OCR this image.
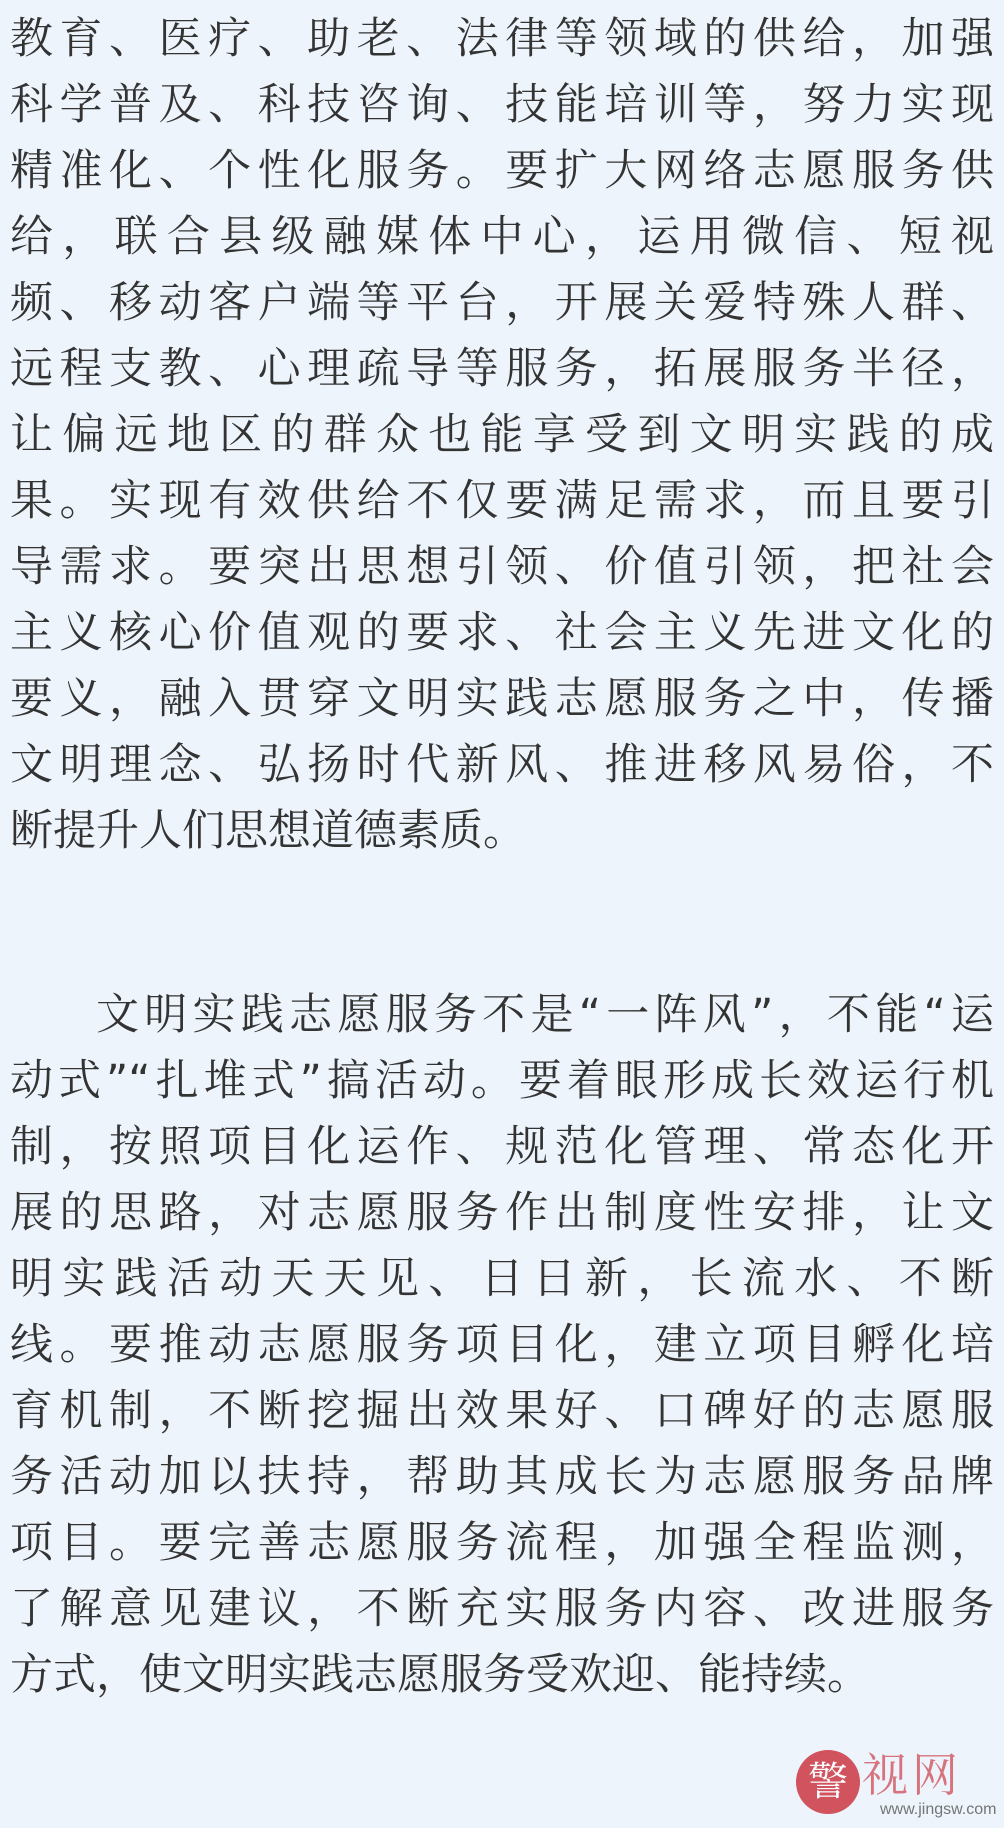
教育、医疗、助老、法律等领域的供给，加强
科学普及、科技咨询、技能培训等，努力实现
精准化、个性化服务。要扩大网络志愿服务供
给，联合县级融媒体中心，运用微信、短视
频、移动客户端等平台，开展关爱特殊人群、
远程支教、心理疏导等服务，拓展服务半径，
让偏远地区的群众也能享受到文明实践的成
果。实现有效供给不仅要满足需求，而且要引
导需求。要突出思想引领、价值引领，把社会
主义核心价值观的要求、社会主义先进文化的
要义，融入贯穿文明实践志愿服务之中，传播
文明理念、弘扬时代新风、推进移风易俗，不
断提升人们思想道德素质。
文明实践志愿服务不是“一阵风”，不能“运
动式”“扎堆式”搞活动。要着眼形成长效运行机
制，按照项目化运作、规范化管理、常态化开
展的思路，对志愿服务作出制度性安排，让文
明实践活动天天见、日日新，长流水、不断
线。要推动志愿服务项目化，建立项目孵化培
育机制，不断挖掘出效果好、口碑好的志愿服
务活动加以扶持，帮助其成长为志愿服务品牌
项目。要完善志愿服务流程，加强全程监测，
了解意见建议，不断充实服务内容、改进服务
方式，使文明实践志愿服务受欢迎、能持续。
警 视网
www.jingsw.com
